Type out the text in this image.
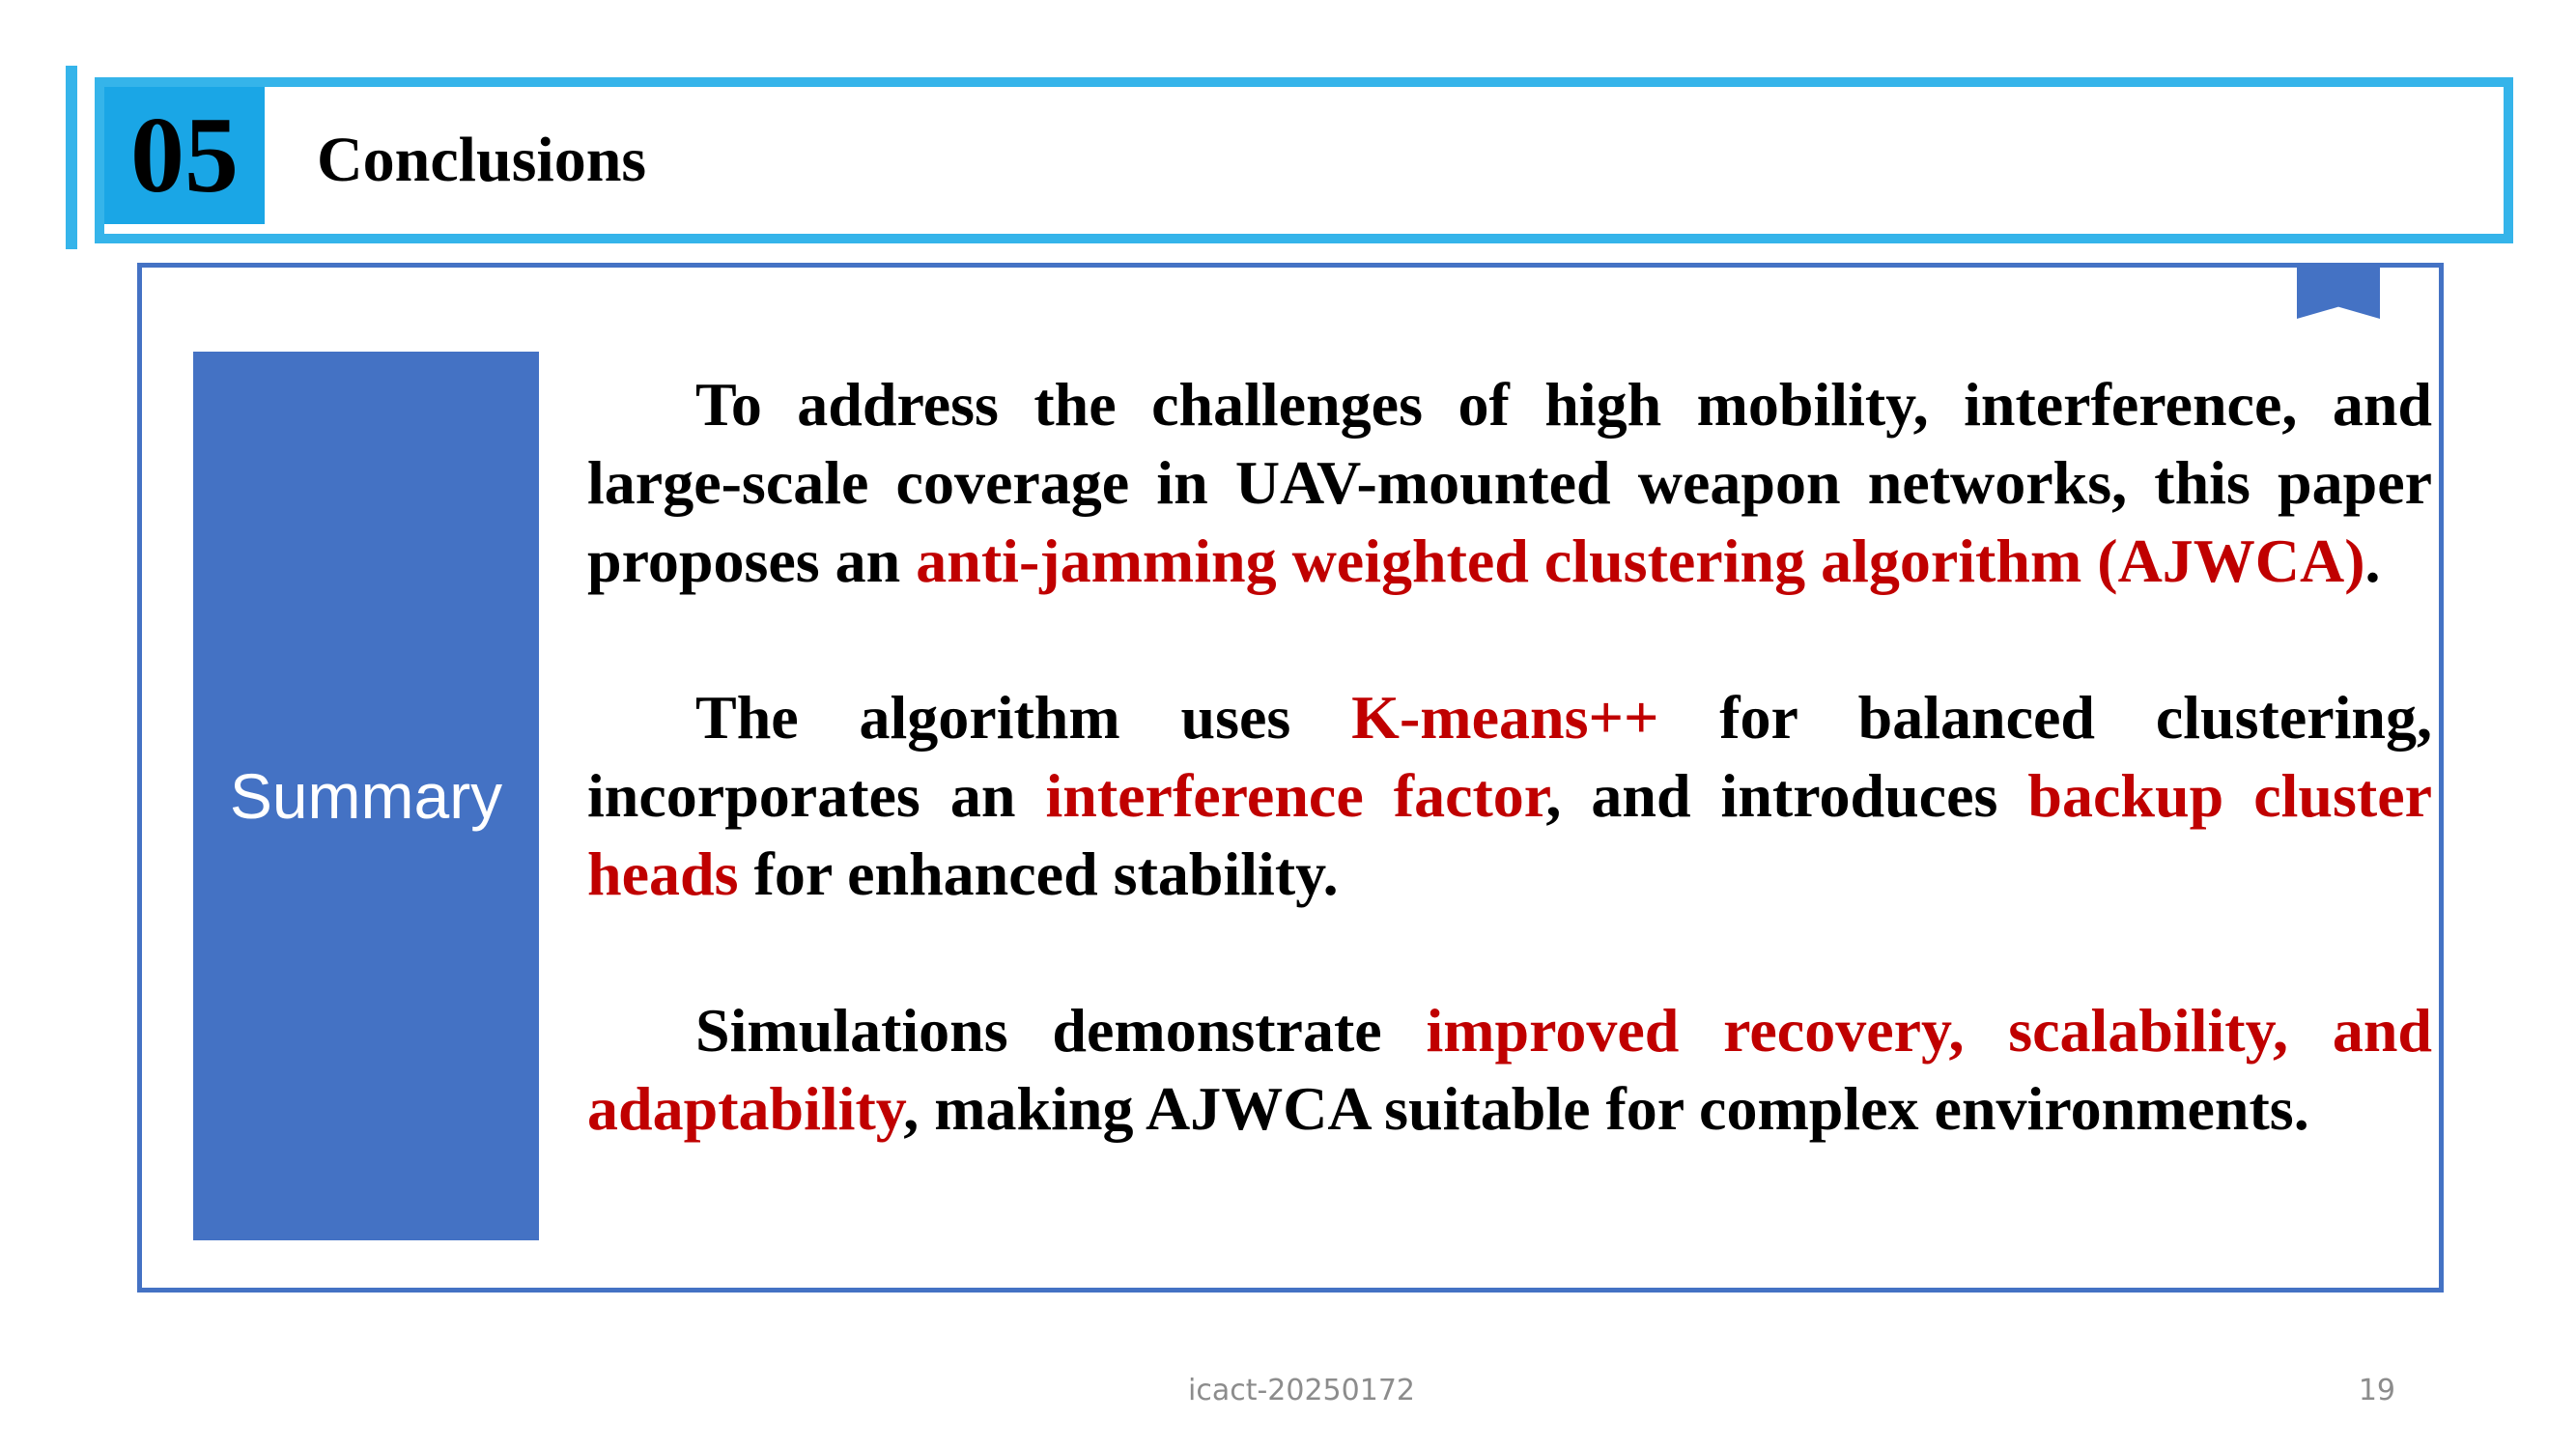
05	Conclusions
Summary

To address the challenges of high mobility, interference, and large-scale coverage in UAV-mounted weapon networks, this paper proposes an anti-jamming weighted clustering algorithm (AJWCA).

The algorithm uses K-means++ for balanced clustering, incorporates an interference factor, and introduces backup cluster heads for enhanced stability.

Simulations demonstrate improved recovery, scalability, and adaptability, making AJWCA suitable for complex environments.

icact-20250172	19
